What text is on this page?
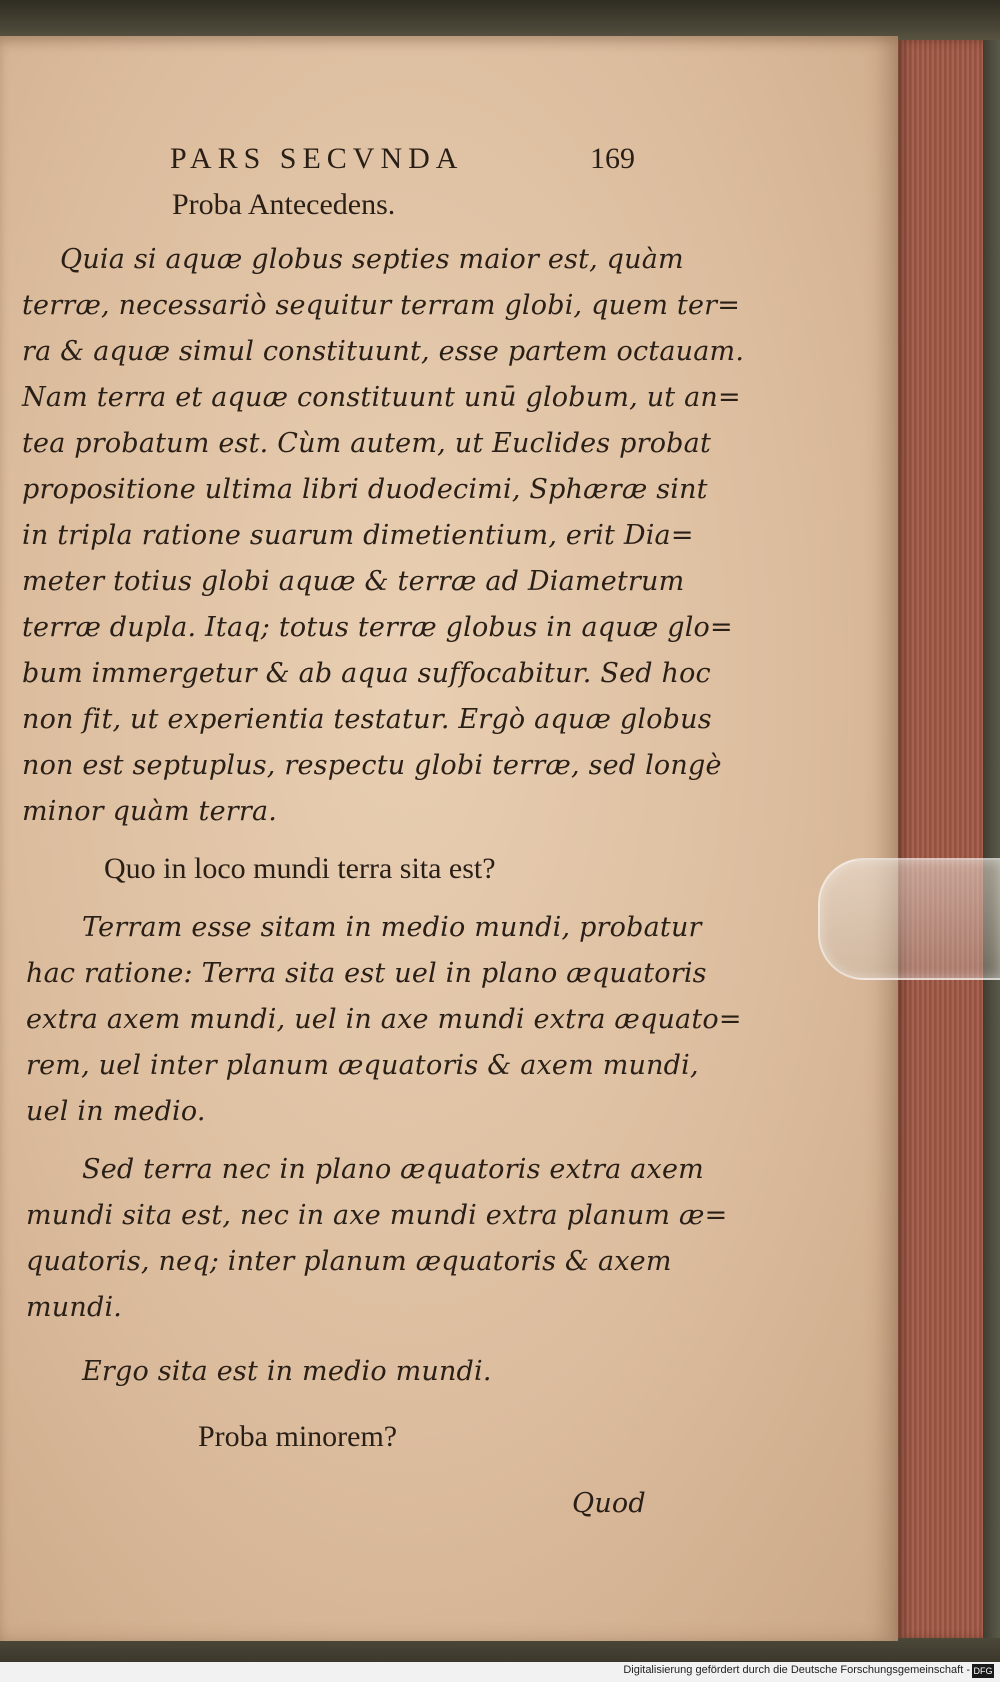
PARS SECVNDA	169
Proba Antecedens.
Quia si aquæ globus septies maior est, quàm
terræ, necessariò sequitur terram globi, quem ter=
ra & aquæ simul constituunt, esse partem octauam.
Nam terra et aquæ constituunt unū globum, ut an=
tea probatum est. Cùm autem, ut Euclides probat
propositione ultima libri duodecimi, Sphæræ sint
in tripla ratione suarum dimetientium, erit Dia=
meter totius globi aquæ & terræ ad Diametrum
terræ dupla. Itaq; totus terræ globus in aquæ glo=
bum immergetur & ab aqua suffocabitur. Sed hoc
non fit, ut experientia testatur. Ergò aquæ globus
non est septuplus, respectu globi terræ, sed longè
minor quàm terra.
Quo in loco mundi terra sita est?
Terram esse sitam in medio mundi, probatur
hac ratione: Terra sita est uel in plano æquatoris
extra axem mundi, uel in axe mundi extra æquato=
rem, uel inter planum æquatoris & axem mundi,
uel in medio.
Sed terra nec in plano æquatoris extra axem
mundi sita est, nec in axe mundi extra planum æ=
quatoris, neq; inter planum æquatoris & axem
mundi.
Ergo sita est in medio mundi.
Proba minorem?
Quod
Digitalisierung gefördert durch die Deutsche Forschungsgemeinschaft - DFG
